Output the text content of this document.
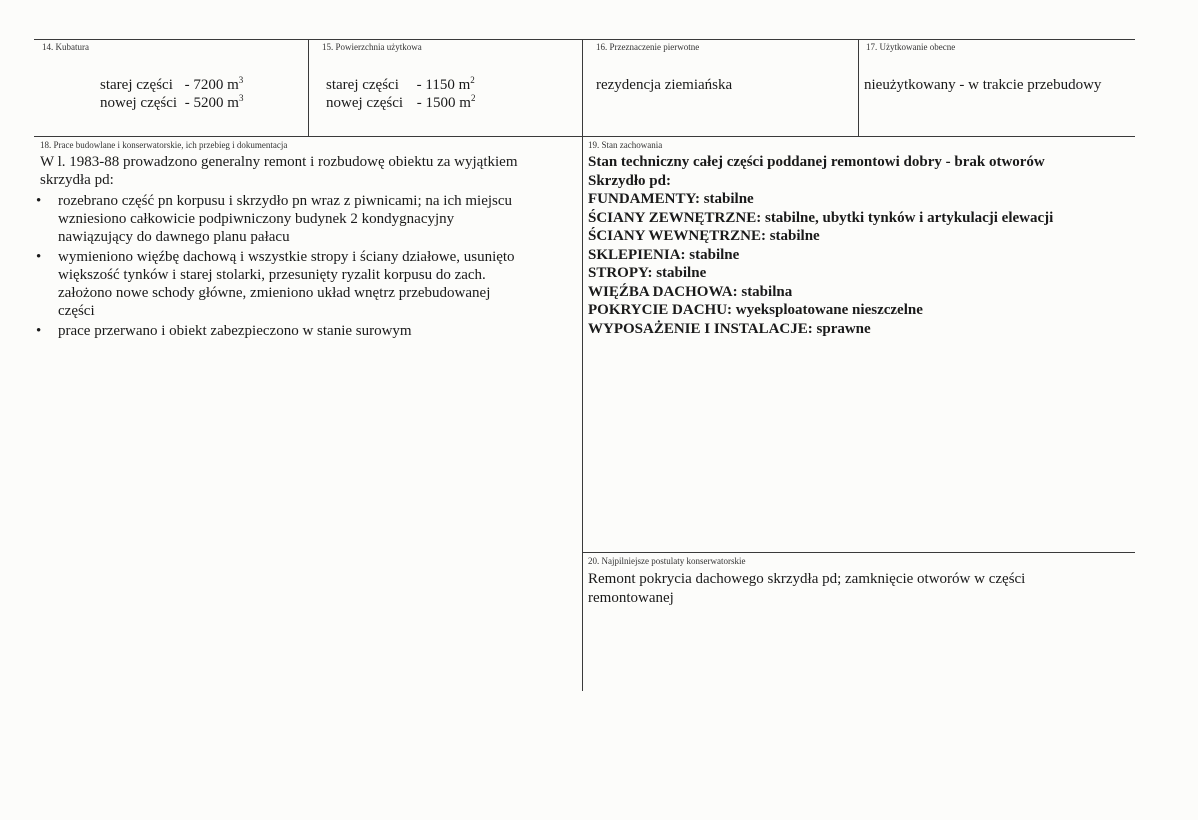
14. Kubatura
starej części - 7200 $m^3$
nowej części - 5200 $m^3$
15. Powierzchnia użytkowa
starej części - 1150 $m^2$
nowej części - 1500 $m^2$
16. Przeznaczenie pierwotne
rezydencja ziemiańska
17. Użytkowanie obecne
nieużytkowany - w trakcie przebudowy
18. Prace budowlane i konserwatorskie, ich przebieg i dokumentacja
W l. 1983-88 prowadzono generalny remont i rozbudowę obiektu za wyjątkiem
skrzydła pd:
• rozebrano część pn korpusu i skrzydło pn wraz z piwnicami; na ich miejscu
wzniesiono całkowicie podpiwniczony budynek 2 kondygnacyjny
nawiązujący do dawnego planu pałacu
• wymieniono więźbę dachową i wszystkie stropy i ściany działowe, usunięto
większość tynków i starej stolarki, przesunięty ryzalit korpusu do zach.
założono nowe schody główne, zmieniono układ wnętrz przebudowanej
części
• prace przerwano i obiekt zabezpieczono w stanie surowym
19. Stan zachowania
Stan techniczny całej części poddanej remontowi dobry - brak otworów
Skrzydło pd:
FUNDAMENTY: stabilne
ŚCIANY ZEWNĘTRZNE: stabilne, ubytki tynków i artykulacji elewacji
ŚCIANY WEWNĘTRZNE: stabilne
SKLEPIENIA: stabilne
STROPY: stabilne
WIĘŹBA DACHOWA: stabilna
POKRYCIE DACHU: wyeksploatowane nieszczelne
WYPOSAŻENIE I INSTALACJE: sprawne
20. Najpilniejsze postulaty konserwatorskie
Remont pokrycia dachowego skrzydła pd; zamknięcie otworów w części
remontowanej
